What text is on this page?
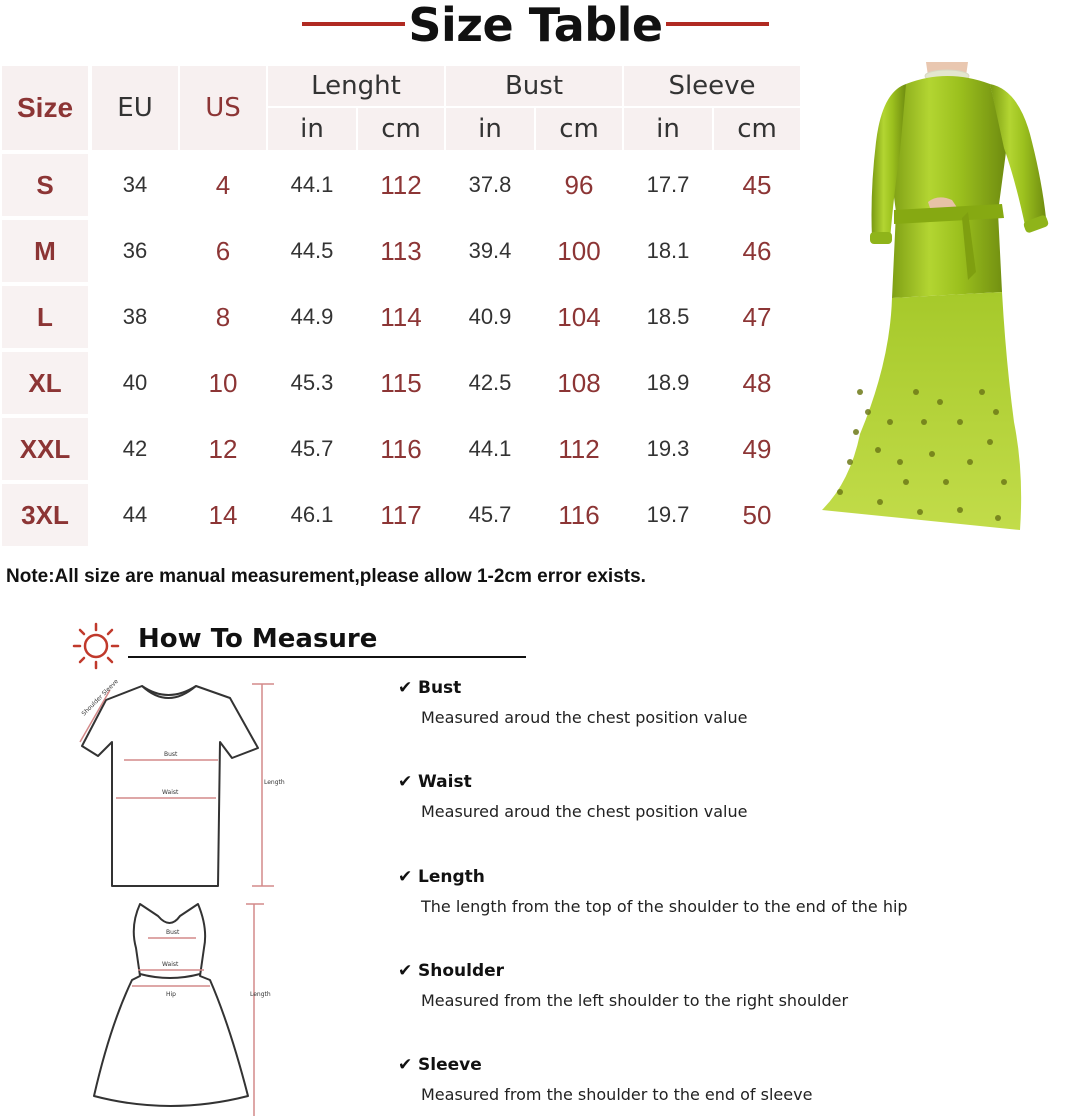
Size Table
Size	EU	US
Lenght	Bust	Sleeve
in	cm	in	cm	in	cm
S	34	4	44.1	112	37.8	96	17.7	45
M	36	6	44.5	113	39.4	100	18.1	46
L	38	8	44.9	114	40.9	104	18.5	47
XL	40	10	45.3	115	42.5	108	18.9	48
XXL	42	12	45.7	116	44.1	112	19.3	49
3XL	44	14	46.1	117	45.7	116	19.7	50
Note:All size are manual measurement,please allow 1-2cm error exists.
How To Measure
Shoulder Sleeve
Bust
Waist
Length
Bust
Waist
Hip	Length
✔ Bust
Measured aroud the chest position value
✔ Waist
Measured aroud the chest position value
✔ Length
The length from the top of the shoulder to the end of the hip
✔ Shoulder
Measured from the left shoulder to the right shoulder
✔ Sleeve
Measured from the shoulder to the end of sleeve
